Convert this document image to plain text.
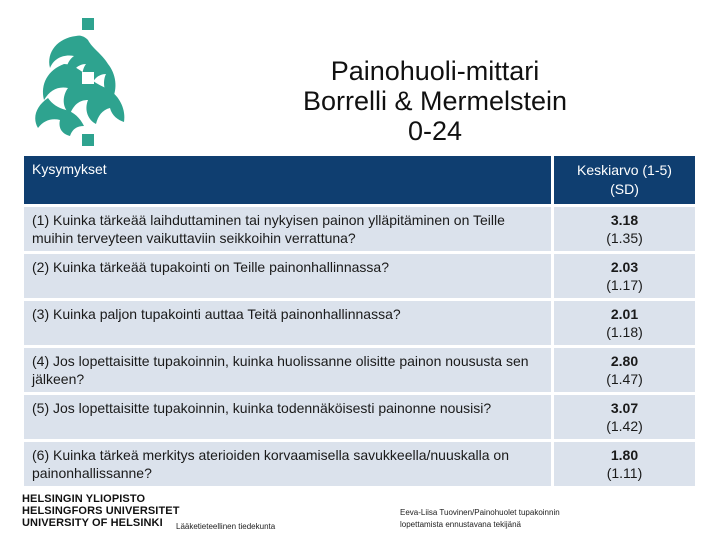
Painohuoli-mittari
Borrelli & Mermelstein
0-24
Kysymykset	Keskiarvo (1-5)
(SD)

(1) Kuinka tärkeää laihduttaminen tai nykyisen painon ylläpitäminen on Teille muihin terveyteen vaikuttaviin seikkoihin verrattuna?	3.18
(1.35)

(2) Kuinka tärkeää tupakointi on Teille painonhallinnassa?	2.03
(1.17)

(3) Kuinka paljon tupakointi auttaa Teitä painonhallinnassa?	2.01
(1.18)

(4) Jos lopettaisitte tupakoinnin, kuinka huolissanne olisitte painon noususta sen jälkeen?	2.80
(1.47)

(5) Jos lopettaisitte tupakoinnin, kuinka todennäköisesti painonne nousisi?	3.07
(1.42)

(6) Kuinka tärkeä merkitys aterioiden korvaamisella savukkeella/nuuskalla on painonhallissanne?	1.80
(1.11)
HELSINGIN YLIOPISTO
HELSINGFORS UNIVERSITET
UNIVERSITY OF HELSINKI	Lääketieteellinen tiedekunta
Eeva-Liisa Tuovinen/Painohuolet tupakoinnin
lopettamista ennustavana tekijänä
